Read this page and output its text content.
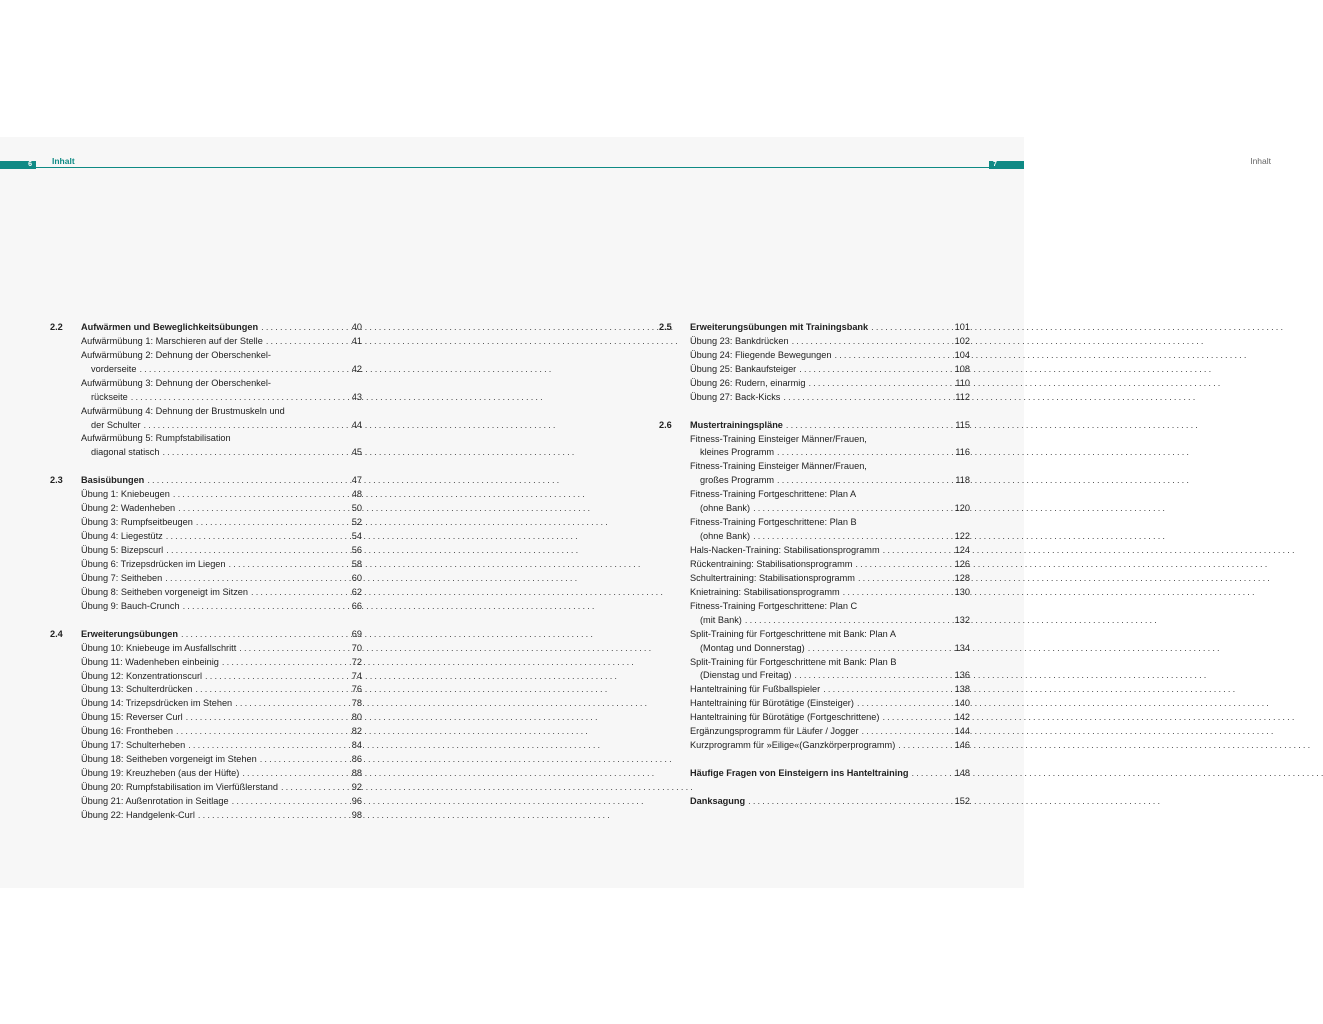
6	Inhalt	Inhalt
7
2.2	Aufwärmen und Beweglichkeitsübungen . . .	40
Aufwärmübung 1: Marschieren auf der Stelle . . .	41
Aufwärmübung 2: Dehnung der Oberschenkel-
vorderseite . . .	42
Aufwärmübung 3: Dehnung der Oberschenkel-
rückseite . . .	43
Aufwärmübung 4: Dehnung der Brustmuskeln und
der Schulter . . .	44
Aufwärmübung 5: Rumpfstabilisation
diagonal statisch . . .	45
2.3	Basisübungen . . .	47
Übung 1: Kniebeugen . . .	48
Übung 2: Wadenheben . . .	50
Übung 3: Rumpfseitbeugen . . .	52
Übung 4: Liegestütz . . .	54
Übung 5: Bizepscurl . . .	56
Übung 6: Trizepsdrücken im Liegen . . .	58
Übung 7: Seitheben . . .	60
Übung 8: Seitheben vorgeneigt im Sitzen . . .	62
Übung 9: Bauch-Crunch . . .	66
2.4	Erweiterungsübungen . . .	69
Übung 10: Kniebeuge im Ausfallschritt . . .	70
Übung 11: Wadenheben einbeinig . . .	72
Übung 12: Konzentrationscurl . . .	74
Übung 13: Schulterdrücken . . .	76
Übung 14: Trizepsdrücken im Stehen . . .	78
Übung 15: Reverser Curl . . .	80
Übung 16: Frontheben . . .	82
Übung 17: Schulterheben . . .	84
Übung 18: Seitheben vorgeneigt im Stehen . . .	86
Übung 19: Kreuzheben (aus der Hüfte) . . .	88
Übung 20: Rumpfstabilisation im Vierfüßlerstand . . .	92
Übung 21: Außenrotation in Seitlage . . .	96
Übung 22: Handgelenk-Curl . . .	98
2.5	Erweiterungsübungen mit Trainingsbank . . .	101
Übung 23: Bankdrücken . . .	102
Übung 24: Fliegende Bewegungen . . .	104
Übung 25: Bankaufsteiger . . .	108
Übung 26: Rudern, einarmig . . .	110
Übung 27: Back-Kicks . . .	112
2.6	Mustertrainingspläne . . .	115
Fitness-Training Einsteiger Männer/Frauen,
kleines Programm . . .	116
Fitness-Training Einsteiger Männer/Frauen,
großes Programm . . .	118
Fitness-Training Fortgeschrittene: Plan A
(ohne Bank) . . .	120
Fitness-Training Fortgeschrittene: Plan B
(ohne Bank) . . .	122
Hals-Nacken-Training: Stabilisationsprogramm . . .	124
Rückentraining: Stabilisationsprogramm . . .	126
Schultertraining: Stabilisationsprogramm . . .	128
Knietraining: Stabilisationsprogramm . . .	130
Fitness-Training Fortgeschrittene: Plan C
(mit Bank) . . .	132
Split-Training für Fortgeschrittene mit Bank: Plan A
(Montag und Donnerstag) . . .	134
Split-Training für Fortgeschrittene mit Bank: Plan B
(Dienstag und Freitag) . . .	136
Hanteltraining für Fußballspieler . . .	138
Hanteltraining für Bürotätige (Einsteiger) . . .	140
Hanteltraining für Bürotätige (Fortgeschrittene) . . .	142
Ergänzungsprogramm für Läufer / Jogger . . .	144
Kurzprogramm für »Eilige«(Ganzkörperprogramm) . . .	146
Häufige Fragen von Einsteigern ins Hanteltraining . . .	148
Danksagung . . .	152
